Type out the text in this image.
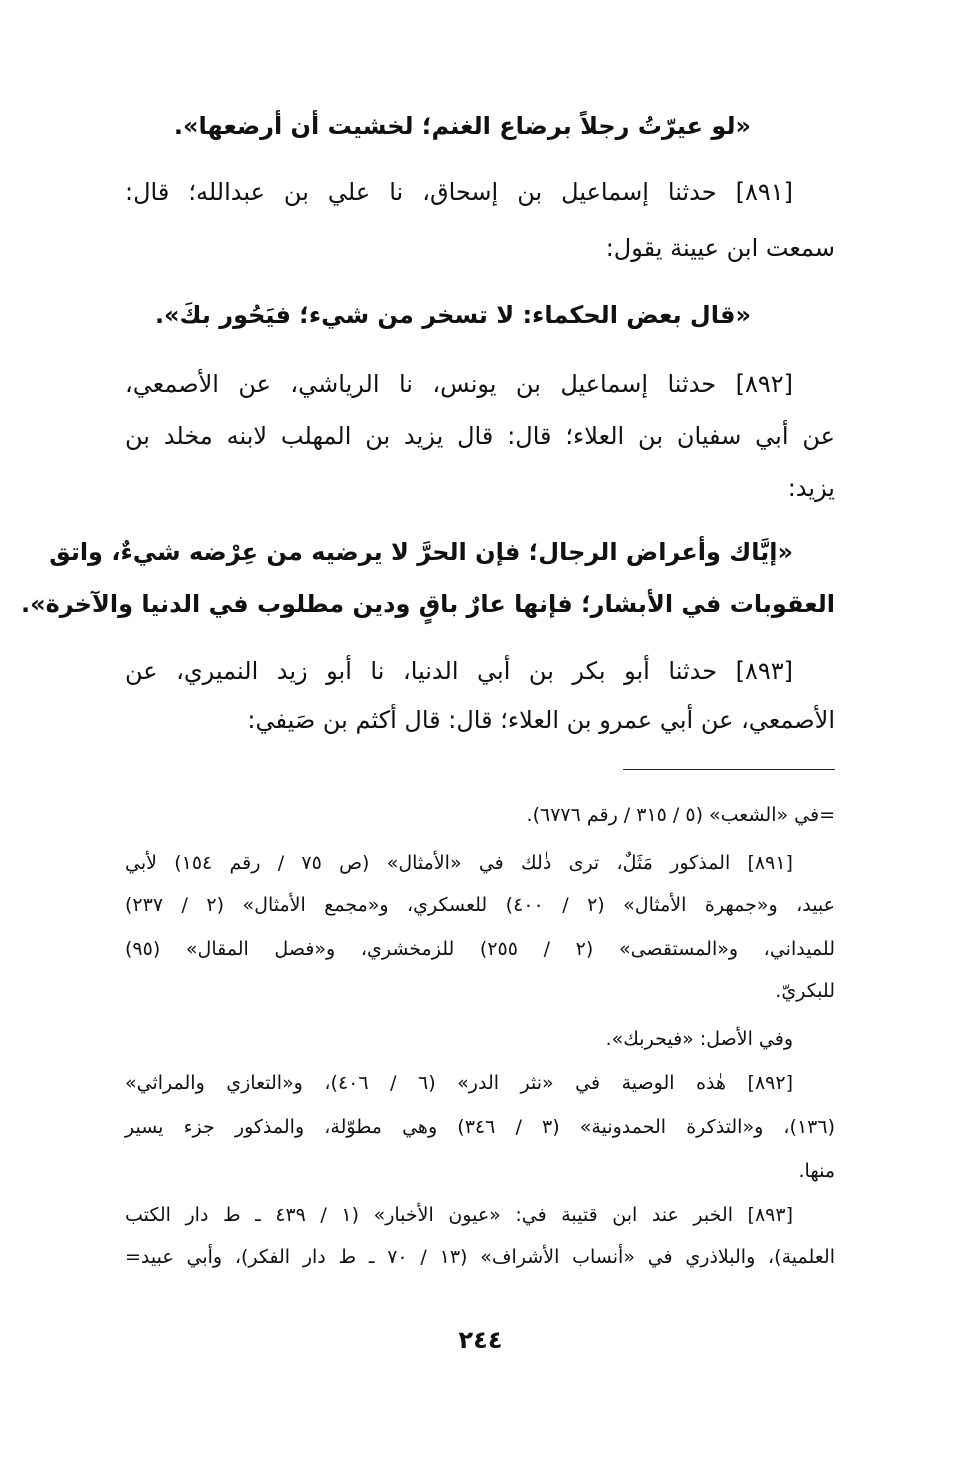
«لو عيرّتُ رجلاً برضاع الغنم؛ لخشيت أن أرضعها».
[٨٩١] حدثنا إسماعيل بن إسحاق، نا علي بن عبدالله؛ قال:
سمعت ابن عيينة يقول:
«قال بعض الحكماء: لا تسخر من شيء؛ فيَحُور بكَ».
[٨٩٢] حدثنا إسماعيل بن يونس، نا الرياشي، عن الأصمعي،
عن أبي سفيان بن العلاء؛ قال: قال يزيد بن المهلب لابنه مخلد بن
يزيد:
«إيَّاك وأعراض الرجال؛ فإن الحرَّ لا يرضيه من عِرْضه شيءٌ، واتق
العقوبات في الأبشار؛ فإنها عارٌ باقٍ ودين مطلوب في الدنيا والآخرة».
[٨٩٣] حدثنا أبو بكر بن أبي الدنيا، نا أبو زيد النميري، عن
الأصمعي، عن أبي عمرو بن العلاء؛ قال: قال أكثم بن صَيفي:
=في «الشعب» (٥ / ٣١٥ / رقم ٦٧٧٦).
[٨٩١] المذكور مَثَلٌ، ترى ذٰلك في «الأمثال» (ص ٧٥ / رقم ١٥٤) لأبي
عبيد، و«جمهرة الأمثال» (٢ / ٤٠٠) للعسكري، و«مجمع الأمثال» (٢ / ٢٣٧)
للميداني، و«المستقصى» (٢ / ٢٥٥) للزمخشري، و«فصل المقال» (٩٥)
للبكريّ.
وفي الأصل: «فيحربك».
[٨٩٢] هٰذه الوصية في «نثر الدر» (٦ / ٤٠٦)، و«التعازي والمراثي»
(١٣٦)، و«التذكرة الحمدونية» (٣ / ٣٤٦) وهي مطوّلة، والمذكور جزء يسير
منها.
[٨٩٣] الخبر عند ابن قتيبة في: «عيون الأخبار» (١ / ٤٣٩ ـ ط دار الكتب
العلمية)، والبلاذري في «أنساب الأشراف» (١٣ / ٧٠ ـ ط دار الفكر)، وأبي عبيد=
٢٤٤
